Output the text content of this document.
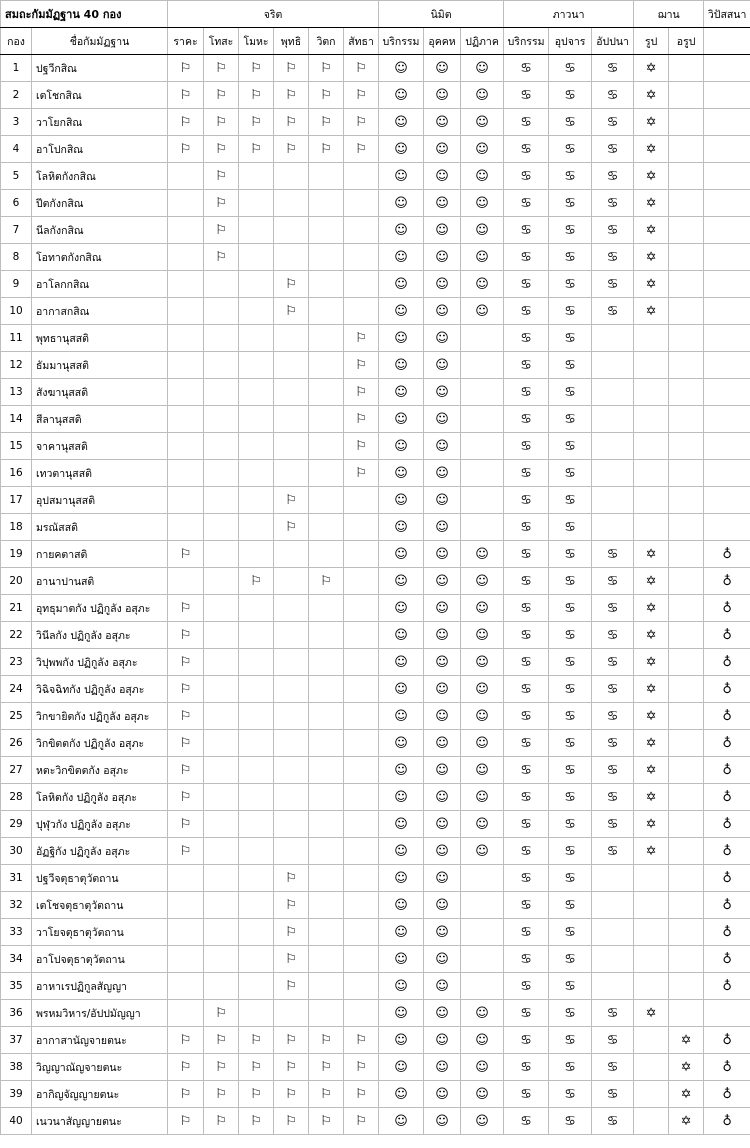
สมถะกัมมัฏฐาน 40 กอง		จริต						นิมิต			ภาวนา			ฌาน		วิปัสสนา
กอง	ชื่อกัมมัฏฐาน	ราคะ	โทสะ	โมหะ	พุทธิ	วิตก	สัทธา	บริกรรม	อุคคห	ปฏิภาค	บริกรรม	อุปจาร	อัปปนา	รูป	อรูป	
1	ปฐวีกสิณ	⚐	⚐	⚐	⚐	⚐	⚐	☺	☺	☺	♋	♋	♋	✡		
2	เตโชกสิณ	⚐	⚐	⚐	⚐	⚐	⚐	☺	☺	☺	♋	♋	♋	✡		
3	วาโยกสิณ	⚐	⚐	⚐	⚐	⚐	⚐	☺	☺	☺	♋	♋	♋	✡		
4	อาโปกสิณ	⚐	⚐	⚐	⚐	⚐	⚐	☺	☺	☺	♋	♋	♋	✡		
5	โลหิตกังกสิณ		⚐					☺	☺	☺	♋	♋	♋	✡		
6	ปีตกังกสิณ		⚐					☺	☺	☺	♋	♋	♋	✡		
7	นีลกังกสิณ		⚐					☺	☺	☺	♋	♋	♋	✡		
8	โอทาตกังกสิณ		⚐					☺	☺	☺	♋	♋	♋	✡		
9	อาโลกกสิณ				⚐			☺	☺	☺	♋	♋	♋	✡		
10	อากาสกสิณ				⚐			☺	☺	☺	♋	♋	♋	✡		
11	พุทธานุสสติ						⚐	☺	☺		♋	♋				
12	ธัมมานุสสติ						⚐	☺	☺		♋	♋				
13	สังฆานุสสติ						⚐	☺	☺		♋	♋				
14	สีลานุสสติ						⚐	☺	☺		♋	♋				
15	จาคานุสสติ						⚐	☺	☺		♋	♋				
16	เทวตานุสสติ						⚐	☺	☺		♋	♋				
17	อุปสมานุสสติ				⚐			☺	☺		♋	♋				
18	มรณัสสติ				⚐			☺	☺		♋	♋				
19	กายคตาสติ	⚐						☺	☺	☺	♋	♋	♋	✡		♁
20	อานาปานสติ			⚐		⚐		☺	☺	☺	♋	♋	♋	✡		♁
21	อุทธุมาตกัง ปฏิกูลัง อสุภะ	⚐						☺	☺	☺	♋	♋	♋	✡		♁
22	วินีลกัง ปฏิกูลัง อสุภะ	⚐						☺	☺	☺	♋	♋	♋	✡		♁
23	วิปุพพกัง ปฏิกูลัง อสุภะ	⚐						☺	☺	☺	♋	♋	♋	✡		♁
24	วิฉิจฉิทกัง ปฏิกูลัง อสุภะ	⚐						☺	☺	☺	♋	♋	♋	✡		♁
25	วิกขายิตกัง ปฏิกูลัง อสุภะ	⚐						☺	☺	☺	♋	♋	♋	✡		♁
26	วิกขิตตกัง ปฏิกูลัง อสุภะ	⚐						☺	☺	☺	♋	♋	♋	✡		♁
27	หตะวิกขิตตกัง อสุภะ	⚐						☺	☺	☺	♋	♋	♋	✡		♁
28	โลหิตกัง ปฏิกูลัง อสุภะ	⚐						☺	☺	☺	♋	♋	♋	✡		♁
29	ปุฬุวกัง ปฏิกูลัง อสุภะ	⚐						☺	☺	☺	♋	♋	♋	✡		♁
30	อัฏฐิกัง ปฏิกูลัง อสุภะ	⚐						☺	☺	☺	♋	♋	♋	✡		♁
31	ปฐวีจตุธาตุวัตถาน				⚐			☺	☺		♋	♋				♁
32	เตโชจตุธาตุวัตถาน				⚐			☺	☺		♋	♋				♁
33	วาโยจตุธาตุวัตถาน				⚐			☺	☺		♋	♋				♁
34	อาโปจตุธาตุวัตถาน				⚐			☺	☺		♋	♋				♁
35	อาหาเรปฏิกูลสัญญา				⚐			☺	☺		♋	♋				♁
36	พรหมวิหาร/อัปปมัญญา		⚐					☺	☺	☺	♋	♋	♋	✡		
37	อากาสานัญจายตนะ	⚐	⚐	⚐	⚐	⚐	⚐	☺	☺	☺	♋	♋	♋		✡	♁
38	วิญญาณัญจายตนะ	⚐	⚐	⚐	⚐	⚐	⚐	☺	☺	☺	♋	♋	♋		✡	♁
39	อากิญจัญญายตนะ	⚐	⚐	⚐	⚐	⚐	⚐	☺	☺	☺	♋	♋	♋		✡	♁
40	เนวนาสัญญายตนะ	⚐	⚐	⚐	⚐	⚐	⚐	☺	☺	☺	♋	♋	♋		✡	♁
